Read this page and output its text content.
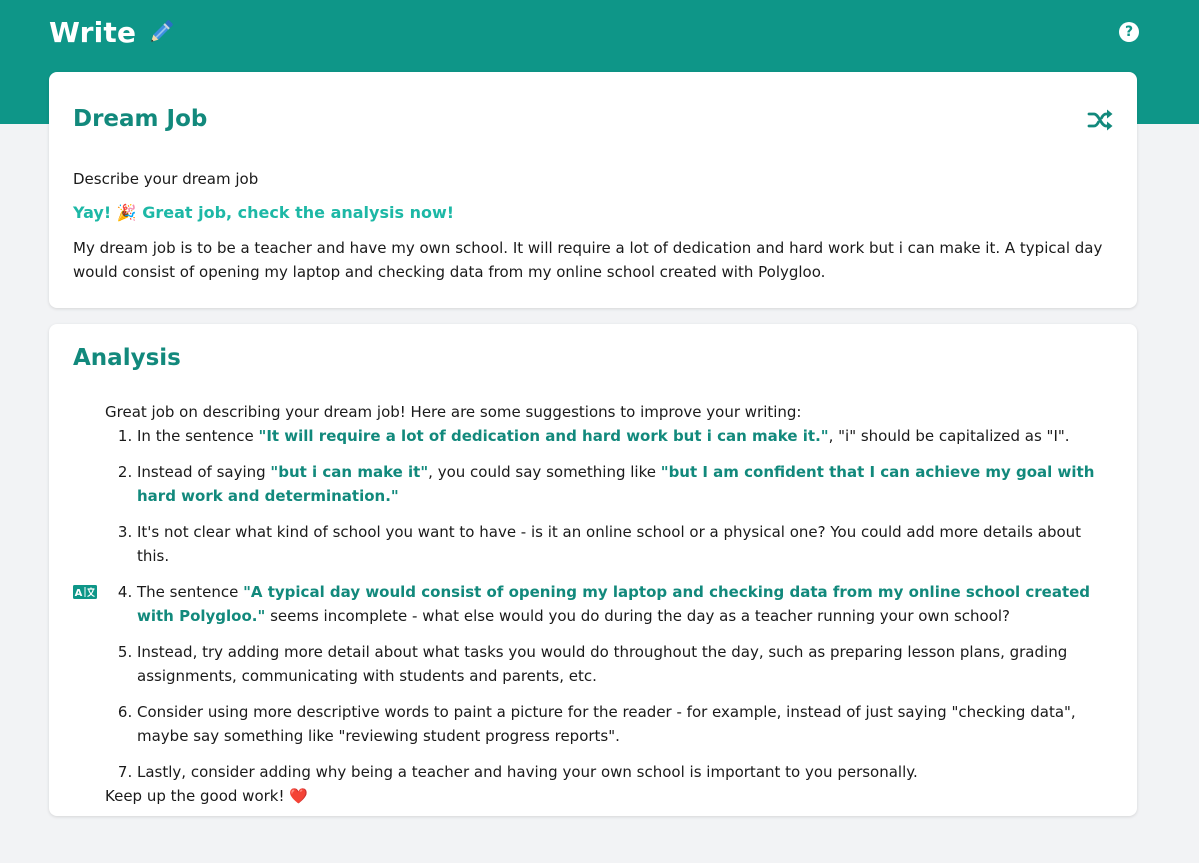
Write	?
Dream Job
Describe your dream job
Yay! 🎉 Great job, check the analysis now!
My dream job is to be a teacher and have my own school. It will require a lot of dedication and hard work but i can make it. A typical day would consist of opening my laptop and checking data from my online school created with Polygloo.
Analysis
A
Great job on describing your dream job! Here are some suggestions to improve your writing:
1. In the sentence "It will require a lot of dedication and hard work but i can make it.", "i" should be capitalized as "I".
2. Instead of saying "but i can make it", you could say something like "but I am confident that I can achieve my goal with hard work and determination."
3. It's not clear what kind of school you want to have - is it an online school or a physical one? You could add more details about this.
4. The sentence "A typical day would consist of opening my laptop and checking data from my online school created with Polygloo." seems incomplete - what else would you do during the day as a teacher running your own school?
5. Instead, try adding more detail about what tasks you would do throughout the day, such as preparing lesson plans, grading assignments, communicating with students and parents, etc.
6. Consider using more descriptive words to paint a picture for the reader - for example, instead of just saying "checking data", maybe say something like "reviewing student progress reports".
7. Lastly, consider adding why being a teacher and having your own school is important to you personally.
Keep up the good work! ❤️
